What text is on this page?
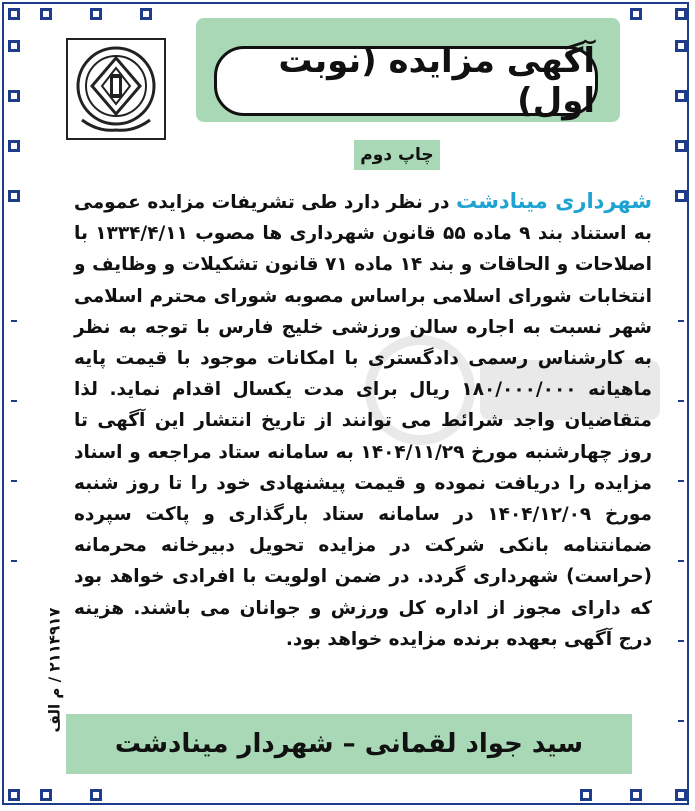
آگهی مزایده (نوبت اول)
چاپ دوم
شهرداری میناد‌شت در نظر دارد طی تشریفات مزایده عمومی به استناد بند ۹ ماده ۵۵ قانون شهرداری ها مصوب ۱۳۳۴/۴/۱۱ با اصلاحات و الحاقات و بند ۱۴ ماده ۷۱ قانون تشکیلات و وظایف و انتخابات شورای اسلامی براساس مصوبه شورای محترم اسلامی شهر نسبت به اجاره سالن ورزشی خلیج فارس با توجه به نظر به کارشناس رسمی دادگستری با امکانات موجود با قیمت پایه ماهیانه ۱۸۰/۰۰۰/۰۰۰ ریال برای مدت یکسال اقدام نماید. لذا متقاضیان واجد شرائط می توانند از تاریخ انتشار این آگهی تا روز چهارشنبه مورخ ۱۴۰۴/۱۱/۲۹ به سامانه ستاد مراجعه و اسناد مزایده را دریافت نموده و قیمت پیشنهادی خود را تا روز شنبه مورخ ۱۴۰۴/۱۲/۰۹ در سامانه ستاد بارگذاری و پاکت سپرده ضمانتنامه بانکی شرکت در مزایده تحویل دبیرخانه محرمانه (حراست) شهرداری گردد. در ضمن اولویت با افرادی خواهد بود که دارای مجوز از اداره کل ورزش و جوانان می باشند. هزینه درج آگهی بعهده برنده مزایده خواهد بود.
۲۱۱۴۹۱۷ / م الف
سید جواد لقمانی – شهردار میناد‌شت
